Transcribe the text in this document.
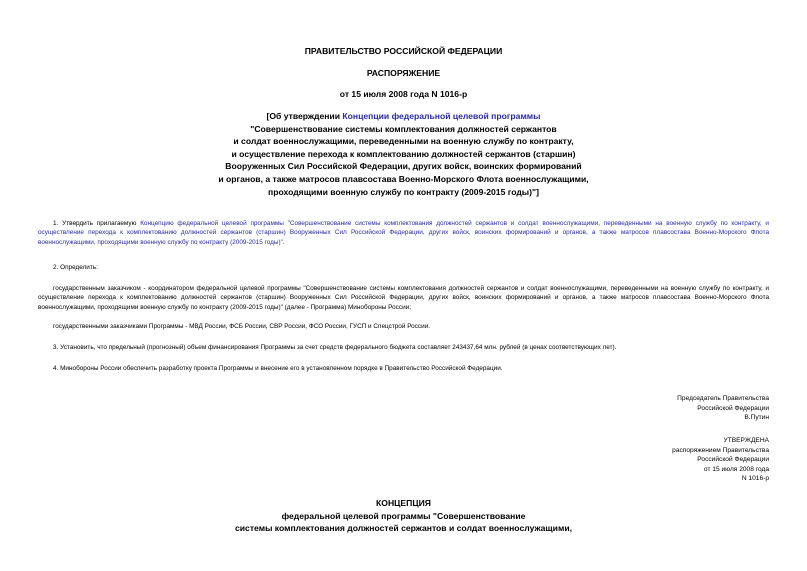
ПРАВИТЕЛЬСТВО РОССИЙСКОЙ ФЕДЕРАЦИИ
РАСПОРЯЖЕНИЕ
от 15 июля 2008 года N 1016-р
[Об утверждении Концепции федеральной целевой программы
"Совершенствование системы комплектования должностей сержантов
и солдат военнослужащими, переведенными на военную службу по контракту,
и осуществление перехода к комплектованию должностей сержантов (старшин)
Вооруженных Сил Российской Федерации, других войск, воинских формирований
и органов, а также матросов плавсостава Военно-Морского Флота военнослужащими,
проходящими военную службу по контракту (2009-2015 годы)"]
1. Утвердить прилагаемую Концепцию федеральной целевой программы "Совершенствование системы комплектования должностей сержантов и солдат военнослужащими, переведенными на военную службу по контракту, и осуществление перехода к комплектованию должностей сержантов (старшин) Вооруженных Сил Российской Федерации, других войск, воинских формирований и органов, а также матросов плавсостава Военно-Морского Флота военнослужащими, проходящими военную службу по контракту (2009-2015 годы)".
2. Определить:
государственным заказчиком - координатором федеральной целевой программы "Совершенствование системы комплектования должностей сержантов и солдат военнослужащими, переведенными на военную службу по контракту, и осуществление перехода к комплектованию должностей сержантов (старшин) Вооруженных Сил Российской Федерации, других войск, воинских формирований и органов, а также матросов плавсостава Военно-Морского Флота военнослужащими, проходящими военную службу по контракту (2009-2015 годы)" (далее - Программа) Минобороны России;
государственными заказчиками Программы - МВД России, ФСБ России, СВР России, ФСО России, ГУСП и Спецстрой России.
3. Установить, что предельный (прогнозный) объем финансирования Программы за счет средств федерального бюджета составляет 243437,64 млн. рублей (в ценах соответствующих лет).
4. Минобороны России обеспечить разработку проекта Программы и внесение его в установленном порядке в Правительство Российской Федерации.
Председатель Правительства
Российской Федерации
В.Путин
УТВЕРЖДЕНА
распоряжением Правительства
Российской Федерации
от 15 июля 2008 года
N 1016-р
КОНЦЕПЦИЯ
федеральной целевой программы "Совершенствование
системы комплектования должностей сержантов и солдат военнослужащими,
